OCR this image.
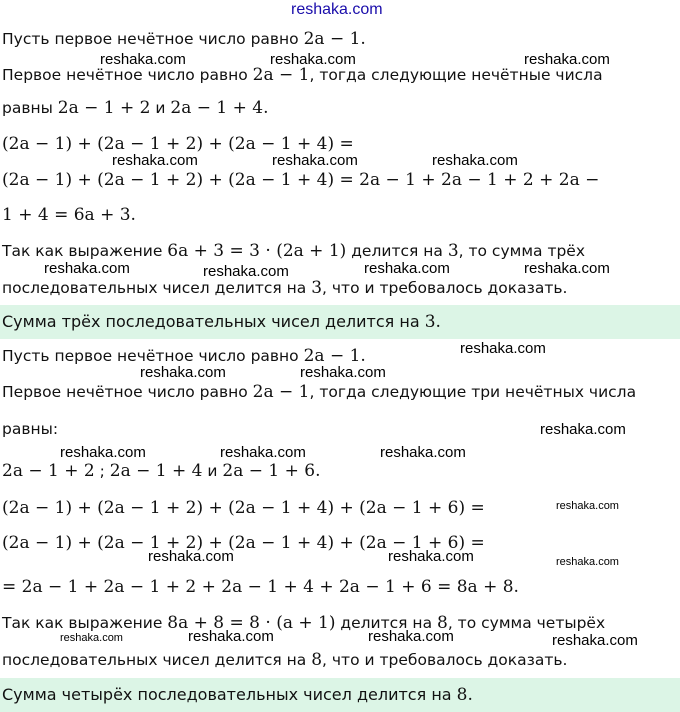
reshaka.com
Пусть первое нечётное число равно 2a − 1.
Первое нечётное число равно 2a − 1, тогда следующие нечётные числа
равны 2a − 1 + 2 и 2a − 1 + 4.
(2a − 1) + (2a − 1 + 2) + (2a − 1 + 4) =
(2a − 1) + (2a − 1 + 2) + (2a − 1 + 4) = 2a − 1 + 2a − 1 + 2 + 2a −
1 + 4 = 6a + 3.
Так как выражение 6a + 3 = 3 · (2a + 1) делится на 3, то сумма трёх
последовательных чисел делится на 3, что и требовалось доказать.
Сумма трёх последовательных чисел делится на 3.
Пусть первое нечётное число равно 2a − 1.
Первое нечётное число равно 2a − 1, тогда следующие три нечётных числа
равны:
2a − 1 + 2 ; 2a − 1 + 4 и 2a − 1 + 6.
(2a − 1) + (2a − 1 + 2) + (2a − 1 + 4) + (2a − 1 + 6) =
(2a − 1) + (2a − 1 + 2) + (2a − 1 + 4) + (2a − 1 + 6) =
= 2a − 1 + 2a − 1 + 2 + 2a − 1 + 4 + 2a − 1 + 6 = 8a + 8.
Так как выражение 8a + 8 = 8 · (a + 1) делится на 8, то сумма четырёх
последовательных чисел делится на 8, что и требовалось доказать.
Сумма четырёх последовательных чисел делится на 8.
reshaka.com	reshaka.com	reshaka.com
reshaka.com	reshaka.com	reshaka.com
reshaka.com	reshaka.com	reshaka.com	reshaka.com
reshaka.com
reshaka.com	reshaka.com
reshaka.com
reshaka.com	reshaka.com	reshaka.com
reshaka.com
reshaka.com	reshaka.com	reshaka.com
reshaka.com	reshaka.com	reshaka.com	reshaka.com
